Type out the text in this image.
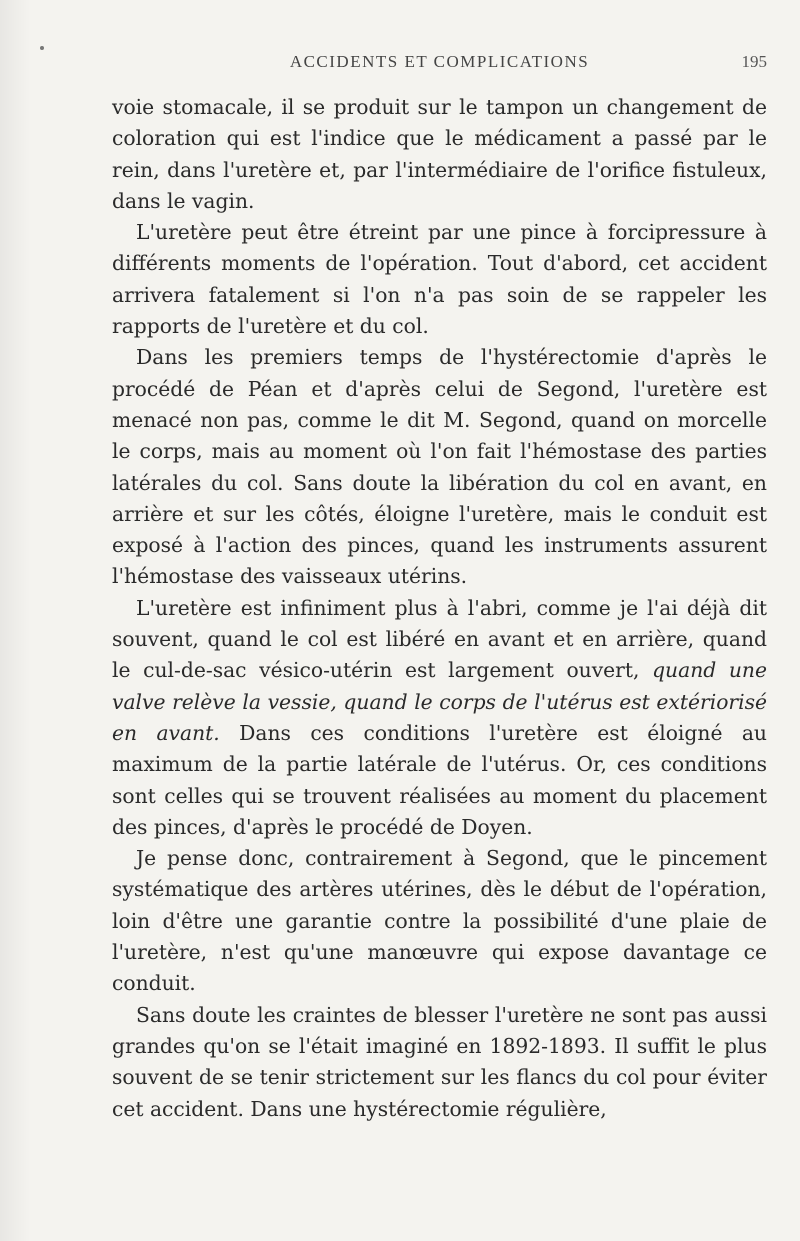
ACCIDENTS ET COMPLICATIONS	195

voie stomacale, il se produit sur le tampon un changement de coloration qui est l'indice que le médicament a passé par le rein, dans l'uretère et, par l'intermédiaire de l'orifice fistuleux, dans le vagin.

L'uretère peut être étreint par une pince à forcipressure à différents moments de l'opération. Tout d'abord, cet accident arrivera fatalement si l'on n'a pas soin de se rappeler les rapports de l'uretère et du col.

Dans les premiers temps de l'hystérectomie d'après le procédé de Péan et d'après celui de Segond, l'uretère est menacé non pas, comme le dit M. Segond, quand on morcelle le corps, mais au moment où l'on fait l'hémostase des parties latérales du col. Sans doute la libération du col en avant, en arrière et sur les côtés, éloigne l'uretère, mais le conduit est exposé à l'action des pinces, quand les instruments assurent l'hémostase des vaisseaux utérins.

L'uretère est infiniment plus à l'abri, comme je l'ai déjà dit souvent, quand le col est libéré en avant et en arrière, quand le cul-de-sac vésico-utérin est largement ouvert, quand une valve relève la vessie, quand le corps de l'utérus est extériorisé en avant. Dans ces conditions l'uretère est éloigné au maximum de la partie latérale de l'utérus. Or, ces conditions sont celles qui se trouvent réalisées au moment du placement des pinces, d'après le procédé de Doyen.

Je pense donc, contrairement à Segond, que le pincement systématique des artères utérines, dès le début de l'opération, loin d'être une garantie contre la possibilité d'une plaie de l'uretère, n'est qu'une manœuvre qui expose davantage ce conduit.

Sans doute les craintes de blesser l'uretère ne sont pas aussi grandes qu'on se l'était imaginé en 1892-1893. Il suffit le plus souvent de se tenir strictement sur les flancs du col pour éviter cet accident. Dans une hystérectomie régulière,
